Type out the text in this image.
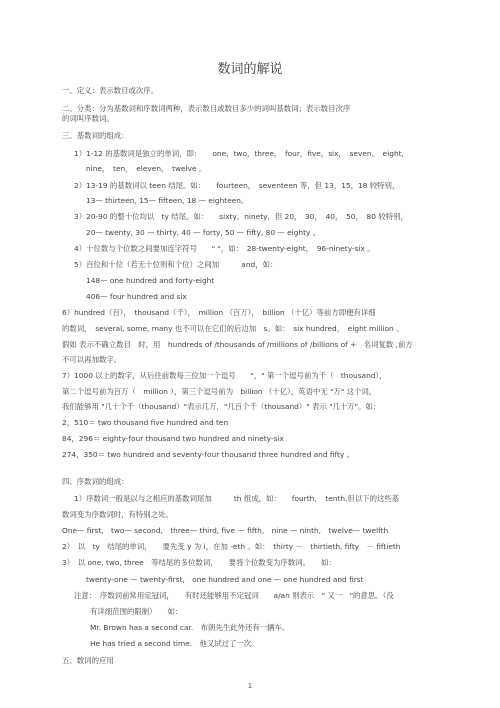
数词的解说
一、定义：表示数目或次序。
二、分类：分为基数词和序数词两种，表示数目或数目多少的词叫基数词；表示数目次序
的词叫序数词。
三、基数词的组成：
1）1-12 的基数词是独立的单词，即：　　one，two，three，　four，five，six，　seven，　eight，
nine，　ten，　eleven，　twelve 。
2）13-19 的基数词以 teen 结尾。如：　　fourteen，　seventeen 等，但 13，15，18 较特别，
13— thirteen, 15— fifteen, 18 — eighteen。
3）20-90 的整十位均以　ty 结尾。如：　　sixty，ninety，但 20，　30，　40，　50，　80 较特别，
20— twenty, 30 — thirty, 40 — forty, 50 — fifty, 80 — eighty 。
4）十位数与个位数之间要加连字符号　　" "，如：　28-twenty-eight，　96-ninety-six 。
5）百位和十位（若无十位则和个位）之间加　　　and，如：
148— one hundred and forty-eight
406— four hundred and six
6）hundred（百），　thousand（千），　million （百万），　billion （十亿）等前方即便有详细
的数词，　several, some, many 也不可以在它们的后边加　s。如：　six hundred，　eight million 。
假如 表示不确立数目　时，用　hundreds of /thousands of /millions of /billions of +　名词复数 ,前方
不可以再加数字。
7）1000 以上的数字，从后往前数每三位加一个逗号　　"，" 第一个逗号前为千（　thousand），
第二个逗号前为百万（　million ），第三个逗号前为　billion （十亿），英语中无 "万" 这个词，
我们能够用 "几十个千（thousand）"表示几万，"几百个千（thousand）" 表示 "几十万"。如：
2，510＝ two thousand five hundred and ten
84，296＝ eighty-four thousand two hundred and ninety-six
274，350＝ two hundred and seventy-four thousand three hundred and fifty 。
四、序数词的组成：
1）序数词一般是以与之相应的基数词尾加　　　th 组成，如：　　fourth，　tenth,但以下的这些基
数词变为序数词时，有特别之处。
One— first,　two— second,　three— third, five — fifth,　nine — ninth,　twelve— twelfth
2）　以　ty　结尾的单词，　　要先变 y 为 i，在加 -eth 。如：　thirty －　thirtieth, fifty　－ fiftieth
3）　以 one, two, three　等结尾的多位数词，　　要将个位数变为序数词。　　如：
twenty-one — twenty-first,　one hundred and one — one hundred and first
注意：　序数词前常用定冠词，　　有时还能够用不定冠词　　a/an 则表示　" 又一　"的意思。（没
有详细范围的限制）　　如：
Mr. Brown has a second car.　布朗先生此外还有一辆车。
He has tried a second time.　他又试过了一次。
五、数词的应用
1
